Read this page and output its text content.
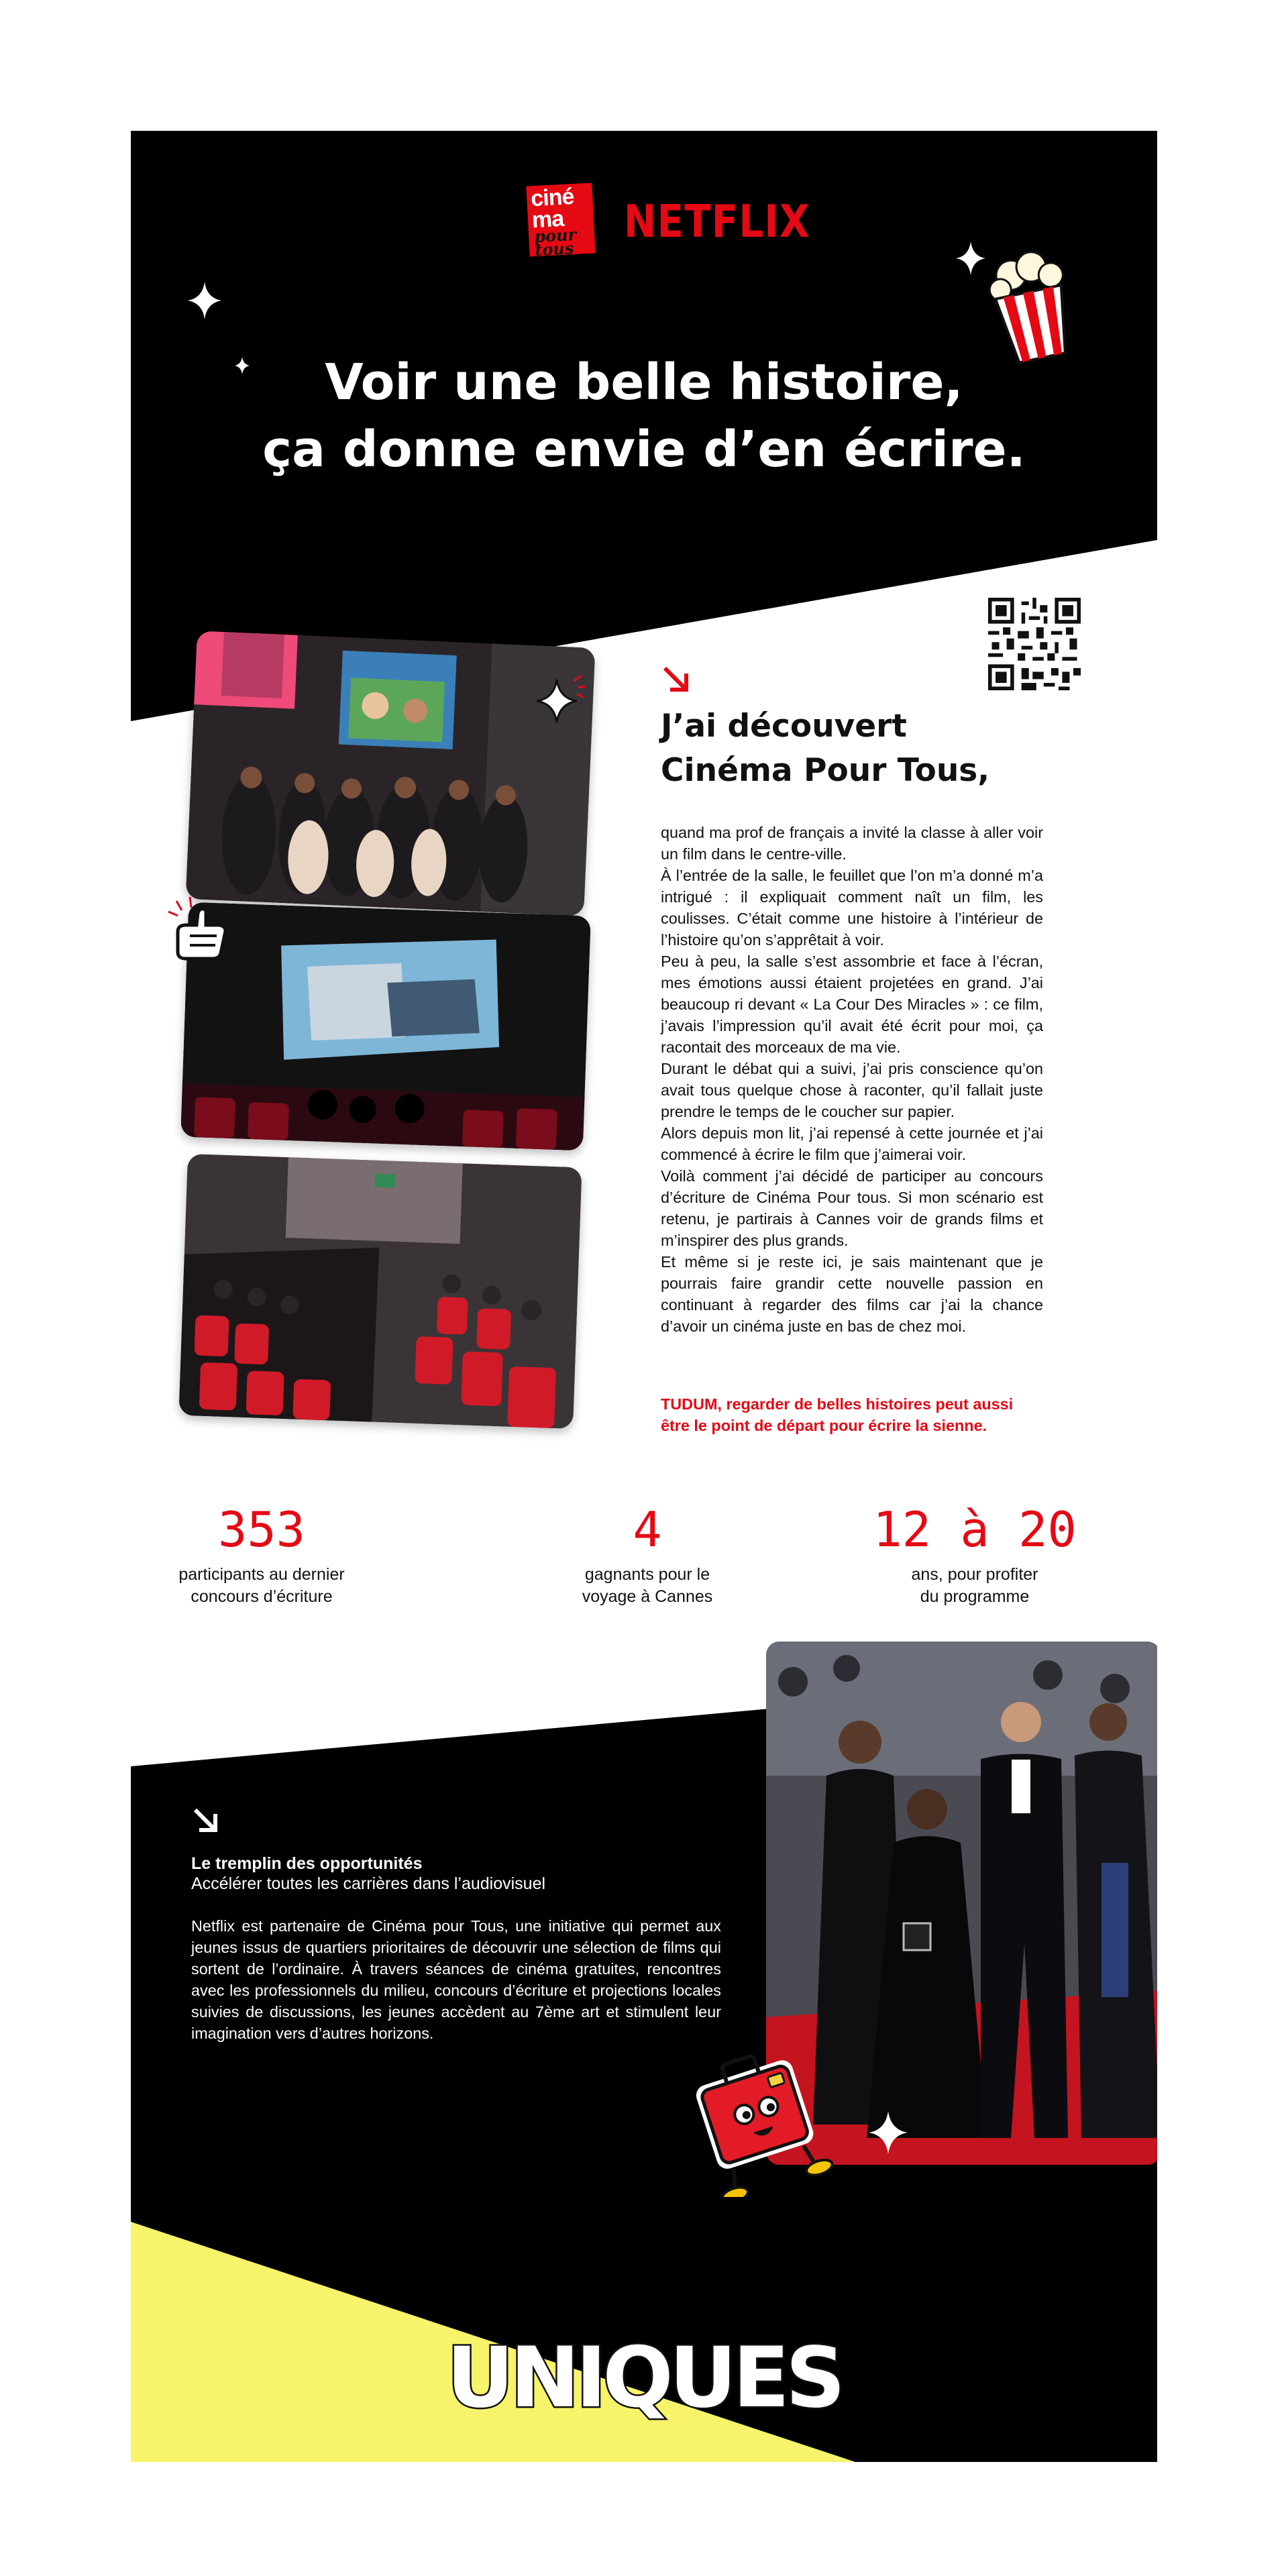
ciné
ma
pour tous
NETFLIX
Voir une belle histoire,
ça donne envie d’en écrire.
J’ai découvert
Cinéma Pour Tous,

quand ma prof de français a invité la classe à aller voir un film dans le centre-ville.

À l’entrée de la salle, le feuillet que l’on m’a donné m’a intrigué : il expliquait comment naît un film, les coulisses. C’était comme une histoire à l’intérieur de l’histoire qu’on s’apprêtait à voir.

Peu à peu, la salle s’est assombrie et face à l’écran, mes émotions aussi étaient projetées en grand. J’ai beaucoup ri devant « La Cour Des Miracles » : ce film, j’avais l’impression qu’il avait été écrit pour moi, ça racontait des morceaux de ma vie.

Durant le débat qui a suivi, j’ai pris conscience qu’on avait tous quelque chose à raconter, qu’il fallait juste prendre le temps de le coucher sur papier.

Alors depuis mon lit, j’ai repensé à cette journée et j’ai commencé à écrire le film que j’aimerai voir.

Voilà comment j’ai décidé de participer au concours d’écriture de Cinéma Pour tous. Si mon scénario est retenu, je partirais à Cannes voir de grands films et m’inspirer des plus grands.

Et même si je reste ici, je sais maintenant que je pourrais faire grandir cette nouvelle passion en continuant à regarder des films car j’ai la chance d’avoir un cinéma juste en bas de chez moi.

TUDUM, regarder de belles histoires peut aussi être le point de départ pour écrire la sienne.
353
participants au dernier
concours d’écriture
4
gagnants pour le
voyage à Cannes
12 à 20
ans, pour profiter
du programme
Le tremplin des opportunités
Accélérer toutes les carrières dans l’audiovisuel
Netflix est partenaire de Cinéma pour Tous, une initiative qui permet aux jeunes issus de quartiers prioritaires de découvrir une sélection de films qui sortent de l’ordinaire. À travers séances de cinéma gratuites, rencontres avec les professionnels du milieu, concours d’écriture et projections locales suivies de discussions, les jeunes accèdent au 7ème art et stimulent leur imagination vers d’autres horizons.
UNIQUES
